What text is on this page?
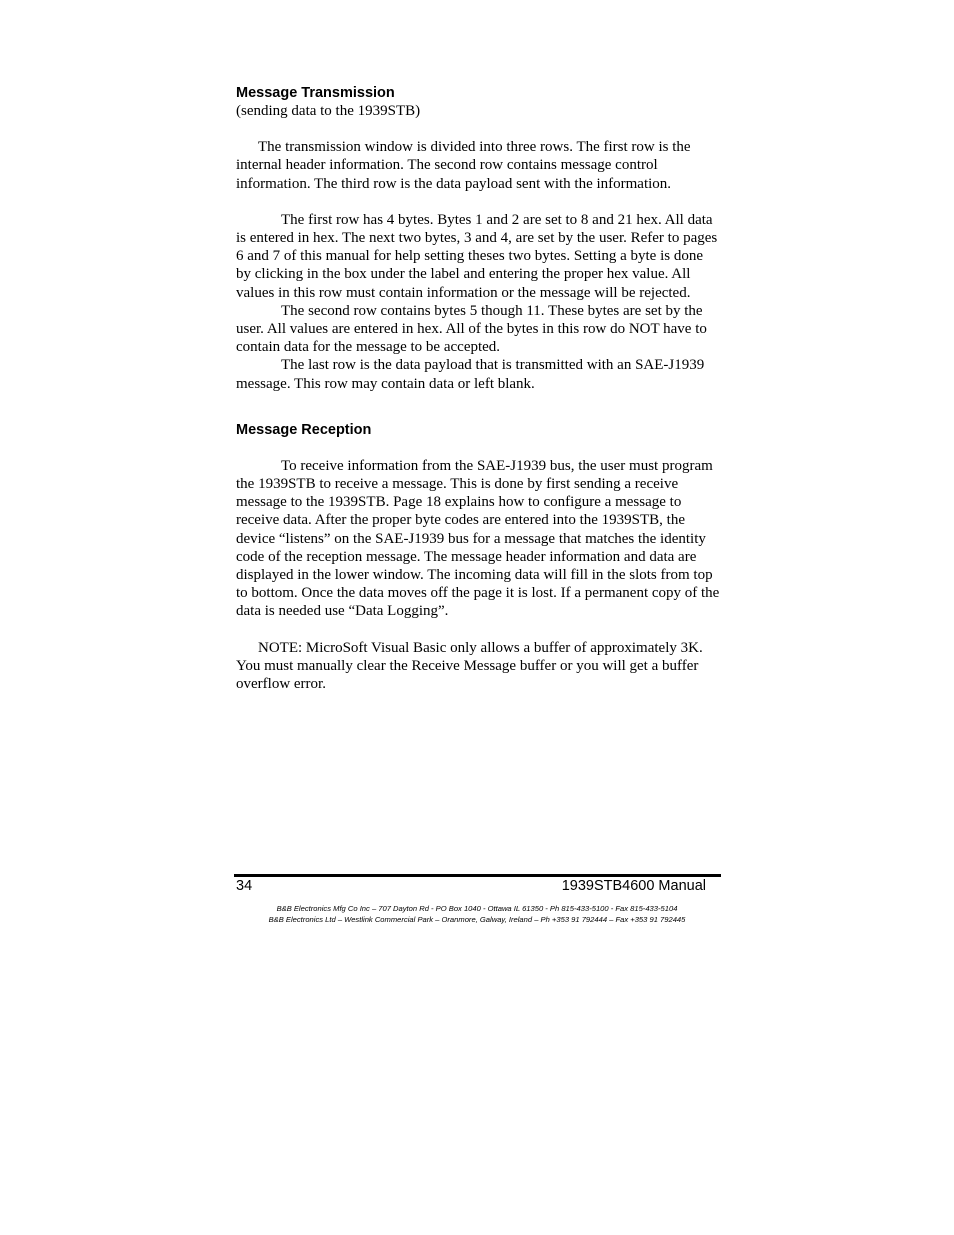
Message Transmission

(sending data to the 1939STB)

The transmission window is divided into three rows. The first row is the internal header information. The second row contains message control information. The third row is the data payload sent with the information.

The first row has 4 bytes. Bytes 1 and 2 are set to 8 and 21 hex. All data is entered in hex. The next two bytes, 3 and 4, are set by the user. Refer to pages 6 and 7 of this manual for help setting theses two bytes. Setting a byte is done by clicking in the box under the label and entering the proper hex value. All values in this row must contain information or the message will be rejected.

The second row contains bytes 5 though 11. These bytes are set by the user. All values are entered in hex. All of the bytes in this row do NOT have to contain data for the message to be accepted.

The last row is the data payload that is transmitted with an SAE-J1939 message. This row may contain data or left blank.

Message Reception

To receive information from the SAE-J1939 bus, the user must program the 1939STB to receive a message. This is done by first sending a receive message to the 1939STB. Page 18 explains how to configure a message to receive data. After the proper byte codes are entered into the 1939STB, the device “listens” on the SAE-J1939 bus for a message that matches the identity code of the reception message. The message header information and data are displayed in the lower window. The incoming data will fill in the slots from top to bottom. Once the data moves off the page it is lost. If a permanent copy of the data is needed use “Data Logging”.

NOTE: MicroSoft Visual Basic only allows a buffer of approximately 3K. You must manually clear the Receive Message buffer or you will get a buffer overflow error.

34	1939STB4600 Manual
B&B Electronics Mfg Co Inc – 707 Dayton Rd - PO Box 1040 - Ottawa IL 61350 - Ph 815-433-5100 - Fax 815-433-5104
B&B Electronics Ltd – Westlink Commercial Park – Oranmore, Galway, Ireland – Ph +353 91 792444 – Fax +353 91 792445
